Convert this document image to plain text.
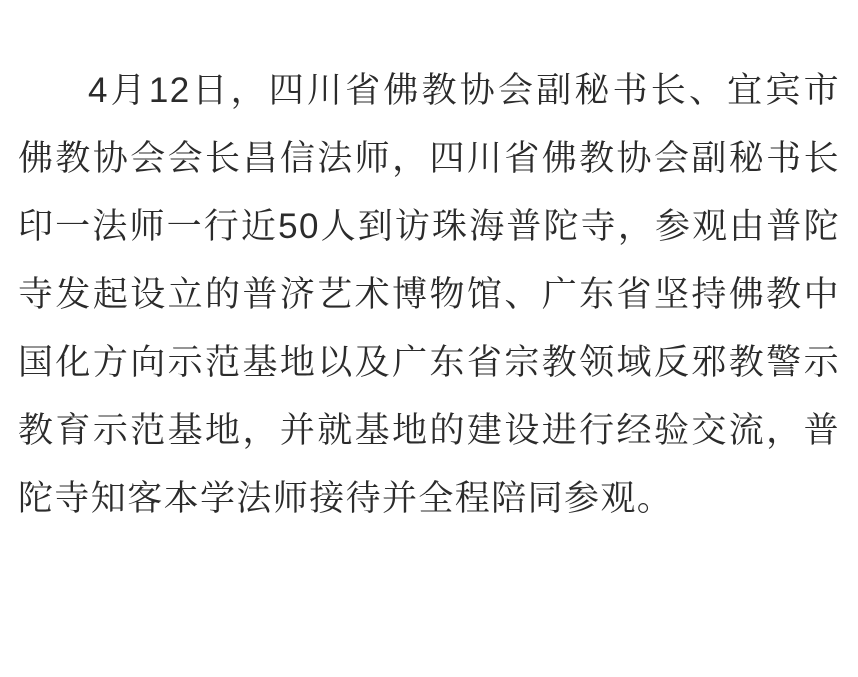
4月12日，四川省佛教协会副秘书长、宜宾市佛教协会会长昌信法师，四川省佛教协会副秘书长印一法师一行近50人到访珠海普陀寺，参观由普陀寺发起设立的普济艺术博物馆、广东省坚持佛教中国化方向示范基地以及广东省宗教领域反邪教警示教育示范基地，并就基地的建设进行经验交流，普陀寺知客本学法师接待并全程陪同参观。
